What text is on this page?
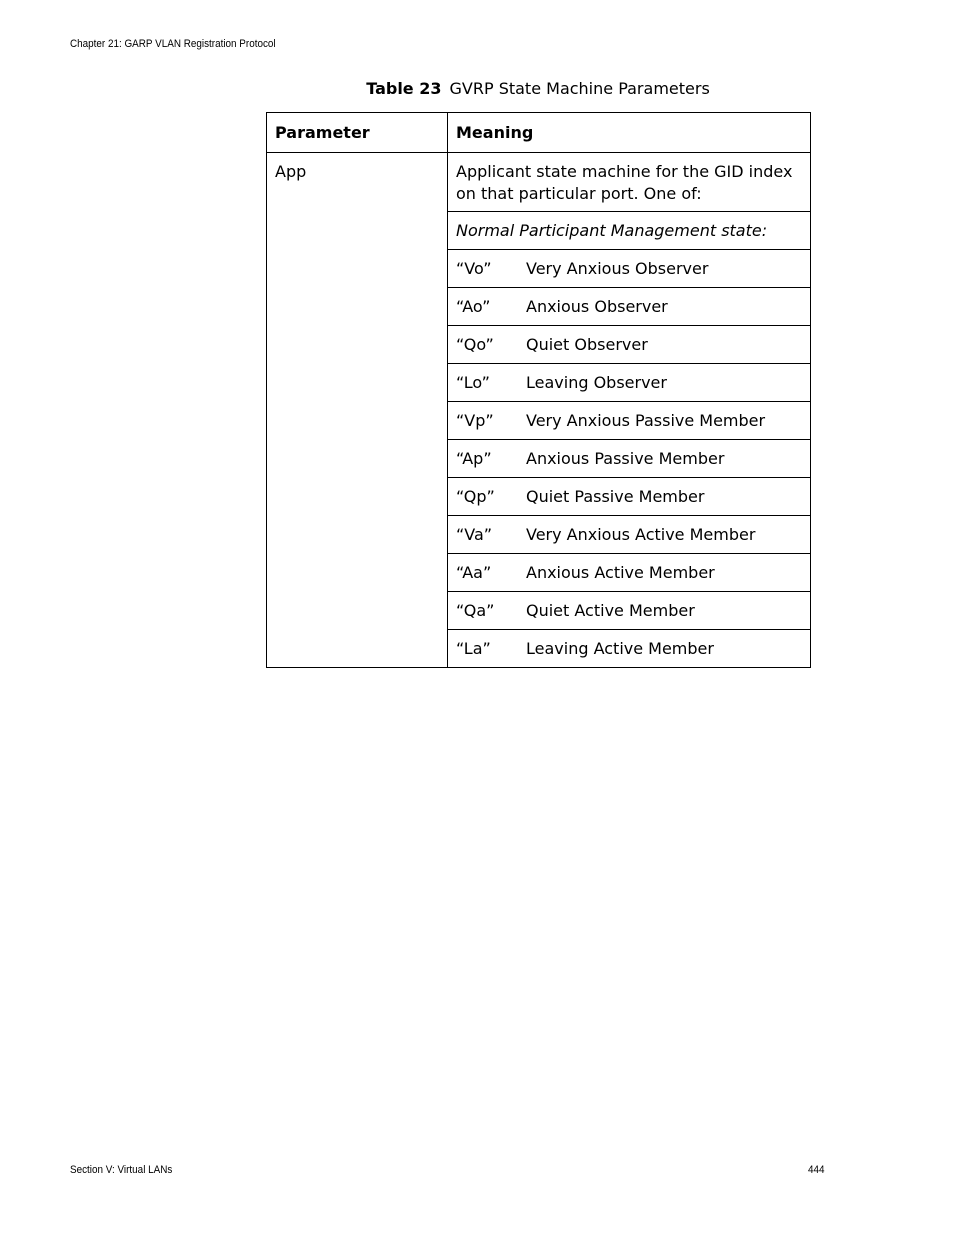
Chapter 21: GARP VLAN Registration Protocol
Table 23 GVRP State Machine Parameters
Parameter	Meaning
App	Applicant state machine for the GID index on that particular port. One of:
	Normal Participant Management state:
	“Vo” Very Anxious Observer
	“Ao” Anxious Observer
	“Qo” Quiet Observer
	“Lo” Leaving Observer
	“Vp” Very Anxious Passive Member
	“Ap” Anxious Passive Member
	“Qp” Quiet Passive Member
	“Va” Very Anxious Active Member
	“Aa” Anxious Active Member
	“Qa” Quiet Active Member
	“La” Leaving Active Member
Section V: Virtual LANs	444
